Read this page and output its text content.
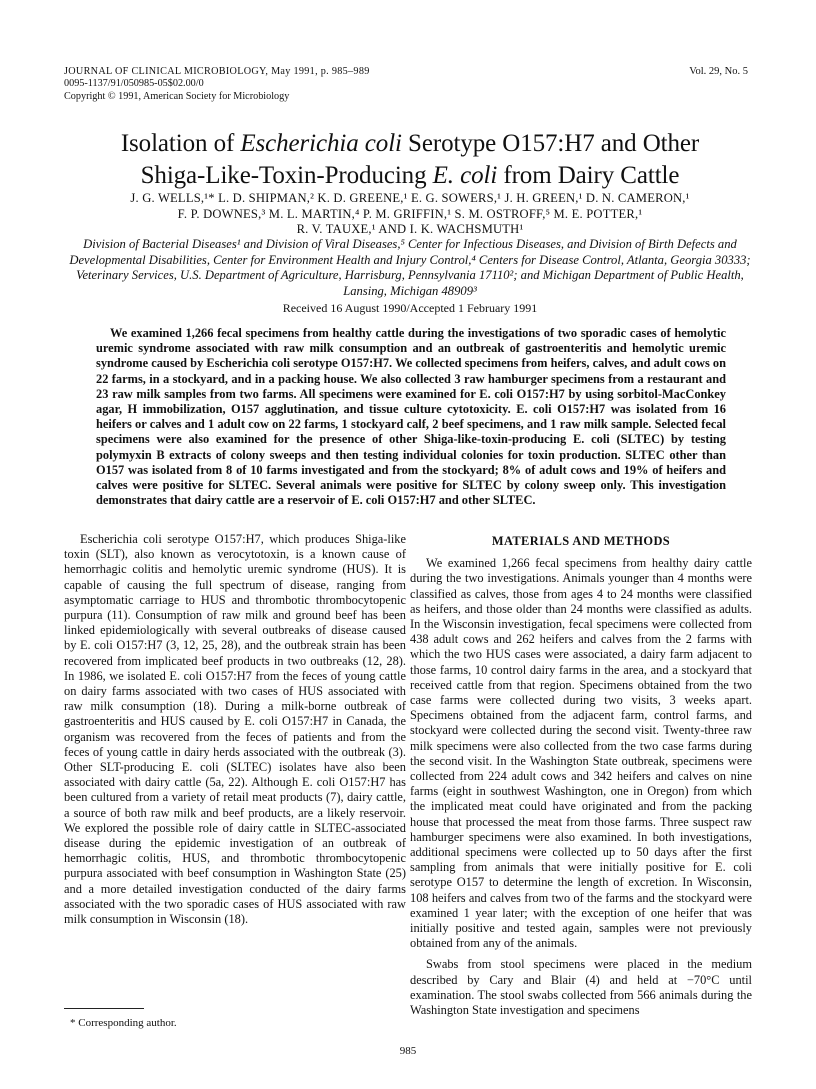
JOURNAL OF CLINICAL MICROBIOLOGY, May 1991, p. 985–989
0095-1137/91/050985-05$02.00/0
Copyright © 1991, American Society for Microbiology
Vol. 29, No. 5
Isolation of Escherichia coli Serotype O157:H7 and Other Shiga-Like-Toxin-Producing E. coli from Dairy Cattle
J. G. WELLS,¹* L. D. SHIPMAN,² K. D. GREENE,¹ E. G. SOWERS,¹ J. H. GREEN,¹ D. N. CAMERON,¹
F. P. DOWNES,³ M. L. MARTIN,⁴ P. M. GRIFFIN,¹ S. M. OSTROFF,⁵ M. E. POTTER,¹
R. V. TAUXE,¹ AND I. K. WACHSMUTH¹
Division of Bacterial Diseases¹ and Division of Viral Diseases,⁵ Center for Infectious Diseases, and Division of Birth Defects and Developmental Disabilities, Center for Environment Health and Injury Control,⁴ Centers for Disease Control, Atlanta, Georgia 30333; Veterinary Services, U.S. Department of Agriculture, Harrisburg, Pennsylvania 17110²; and Michigan Department of Public Health, Lansing, Michigan 48909³
Received 16 August 1990/Accepted 1 February 1991
We examined 1,266 fecal specimens from healthy cattle during the investigations of two sporadic cases of hemolytic uremic syndrome associated with raw milk consumption and an outbreak of gastroenteritis and hemolytic uremic syndrome caused by Escherichia coli serotype O157:H7. We collected specimens from heifers, calves, and adult cows on 22 farms, in a stockyard, and in a packing house. We also collected 3 raw hamburger specimens from a restaurant and 23 raw milk samples from two farms. All specimens were examined for E. coli O157:H7 by using sorbitol-MacConkey agar, H immobilization, O157 agglutination, and tissue culture cytotoxicity. E. coli O157:H7 was isolated from 16 heifers or calves and 1 adult cow on 22 farms, 1 stockyard calf, 2 beef specimens, and 1 raw milk sample. Selected fecal specimens were also examined for the presence of other Shiga-like-toxin-producing E. coli (SLTEC) by testing polymyxin B extracts of colony sweeps and then testing individual colonies for toxin production. SLTEC other than O157 was isolated from 8 of 10 farms investigated and from the stockyard; 8% of adult cows and 19% of heifers and calves were positive for SLTEC. Several animals were positive for SLTEC by colony sweep only. This investigation demonstrates that dairy cattle are a reservoir of E. coli O157:H7 and other SLTEC.

Escherichia coli serotype O157:H7, which produces Shiga-like toxin (SLT), also known as verocytotoxin, is a known cause of hemorrhagic colitis and hemolytic uremic syndrome (HUS). It is capable of causing the full spectrum of disease, ranging from asymptomatic carriage to HUS and thrombotic thrombocytopenic purpura (11). Consumption of raw milk and ground beef has been linked epidemiologically with several outbreaks of disease caused by E. coli O157:H7 (3, 12, 25, 28), and the outbreak strain has been recovered from implicated beef products in two outbreaks (12, 28). In 1986, we isolated E. coli O157:H7 from the feces of young cattle on dairy farms associated with two cases of HUS associated with raw milk consumption (18). During a milk-borne outbreak of gastroenteritis and HUS caused by E. coli O157:H7 in Canada, the organism was recovered from the feces of patients and from the feces of young cattle in dairy herds associated with the outbreak (3). Other SLT-producing E. coli (SLTEC) isolates have also been associated with dairy cattle (5a, 22). Although E. coli O157:H7 has been cultured from a variety of retail meat products (7), dairy cattle, a source of both raw milk and beef products, are a likely reservoir. We explored the possible role of dairy cattle in SLTEC-associated disease during the epidemic investigation of an outbreak of hemorrhagic colitis, HUS, and thrombotic thrombocytopenic purpura associated with beef consumption in Washington State (25) and a more detailed investigation conducted of the dairy farms associated with the two sporadic cases of HUS associated with raw milk consumption in Wisconsin (18).

MATERIALS AND METHODS

We examined 1,266 fecal specimens from healthy dairy cattle during the two investigations. Animals younger than 4 months were classified as calves, those from ages 4 to 24 months were classified as heifers, and those older than 24 months were classified as adults. In the Wisconsin investigation, fecal specimens were collected from 438 adult cows and 262 heifers and calves from the 2 farms with which the two HUS cases were associated, a dairy farm adjacent to those farms, 10 control dairy farms in the area, and a stockyard that received cattle from that region. Specimens obtained from the two case farms were collected during two visits, 3 weeks apart. Specimens obtained from the adjacent farm, control farms, and stockyard were collected during the second visit. Twenty-three raw milk specimens were also collected from the two case farms during the second visit. In the Washington State outbreak, specimens were collected from 224 adult cows and 342 heifers and calves on nine farms (eight in southwest Washington, one in Oregon) from which the implicated meat could have originated and from the packing house that processed the meat from those farms. Three suspect raw hamburger specimens were also examined. In both investigations, additional specimens were collected up to 50 days after the first sampling from animals that were initially positive for E. coli serotype O157 to determine the length of excretion. In Wisconsin, 108 heifers and calves from two of the farms and the stockyard were examined 1 year later; with the exception of one heifer that was initially positive and tested again, samples were not previously obtained from any of the animals.

Swabs from stool specimens were placed in the medium described by Cary and Blair (4) and held at −70°C until examination. The stool swabs collected from 566 animals during the Washington State investigation and specimens

* Corresponding author.
985
